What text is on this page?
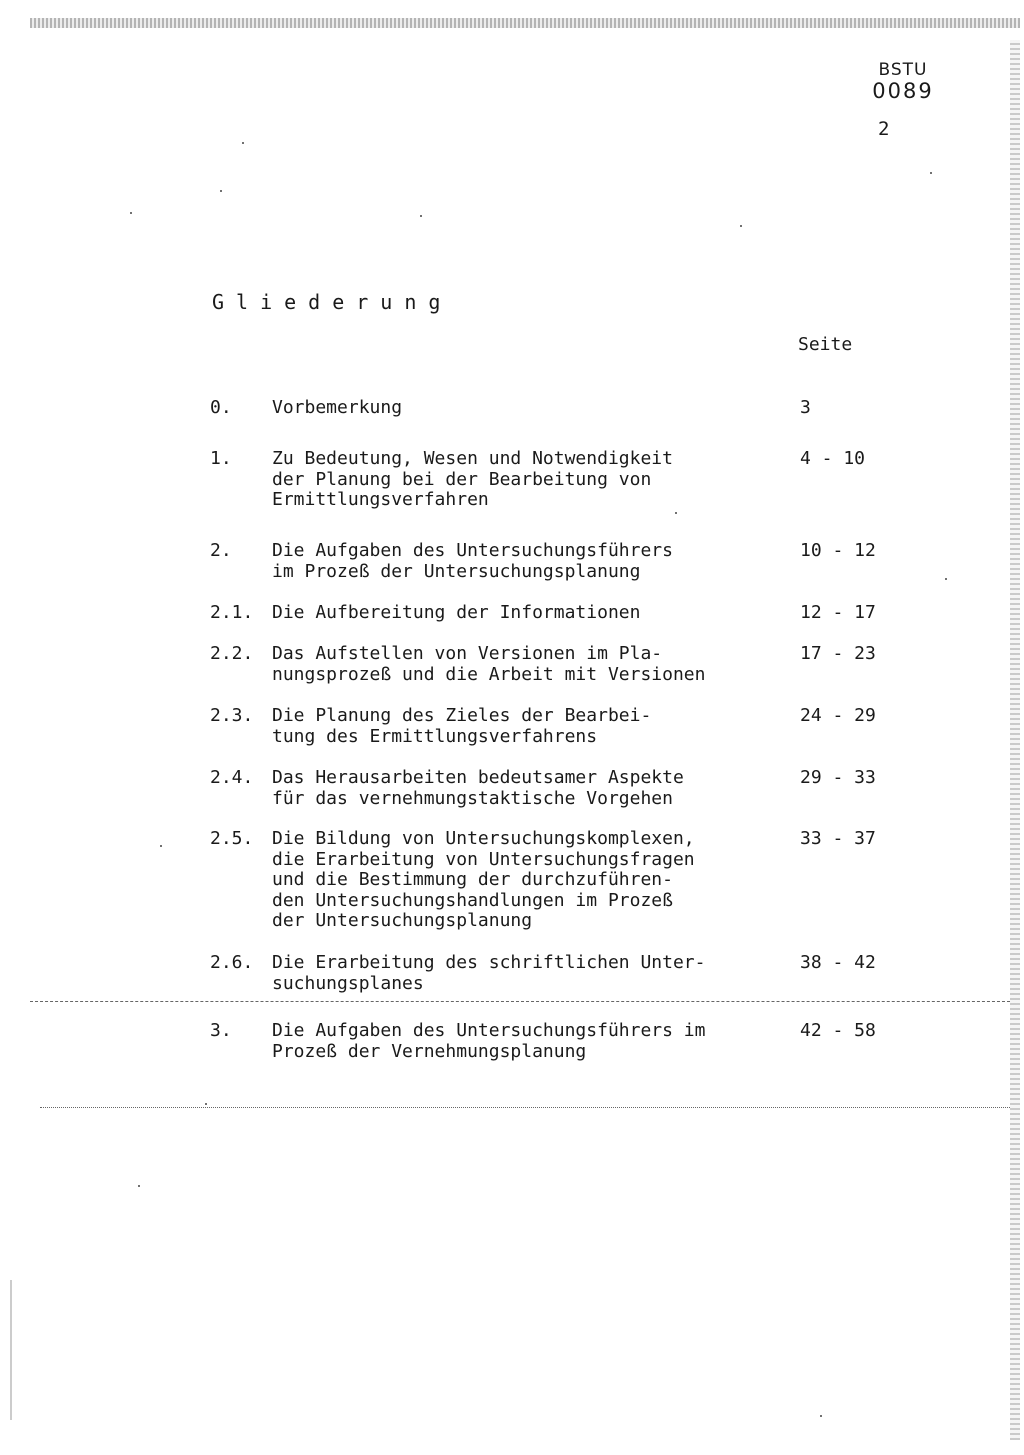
BSTU
0089
2
Gliederung
Seite
0. Vorbemerkung	3
1. Zu Bedeutung, Wesen und Notwendigkeit
der Planung bei der Bearbeitung von
Ermittlungsverfahren
4 - 10
2. Die Aufgaben des Untersuchungsführers
im Prozeß der Untersuchungsplanung
10 - 12
2.1. Die Aufbereitung der Informationen	12 - 17
2.2. Das Aufstellen von Versionen im Pla-
nungsprozeß und die Arbeit mit Versionen
17 - 23
2.3. Die Planung des Zieles der Bearbei-
tung des Ermittlungsverfahrens
24 - 29
2.4. Das Herausarbeiten bedeutsamer Aspekte
für das vernehmungstaktische Vorgehen
29 - 33
2.5. Die Bildung von Untersuchungskomplexen,
die Erarbeitung von Untersuchungsfragen
und die Bestimmung der durchzuführen-
den Untersuchungshandlungen im Prozeß
der Untersuchungsplanung
33 - 37
2.6. Die Erarbeitung des schriftlichen Unter-
suchungsplanes
38 - 42
3. Die Aufgaben des Untersuchungsführers im
Prozeß der Vernehmungsplanung
42 - 58
